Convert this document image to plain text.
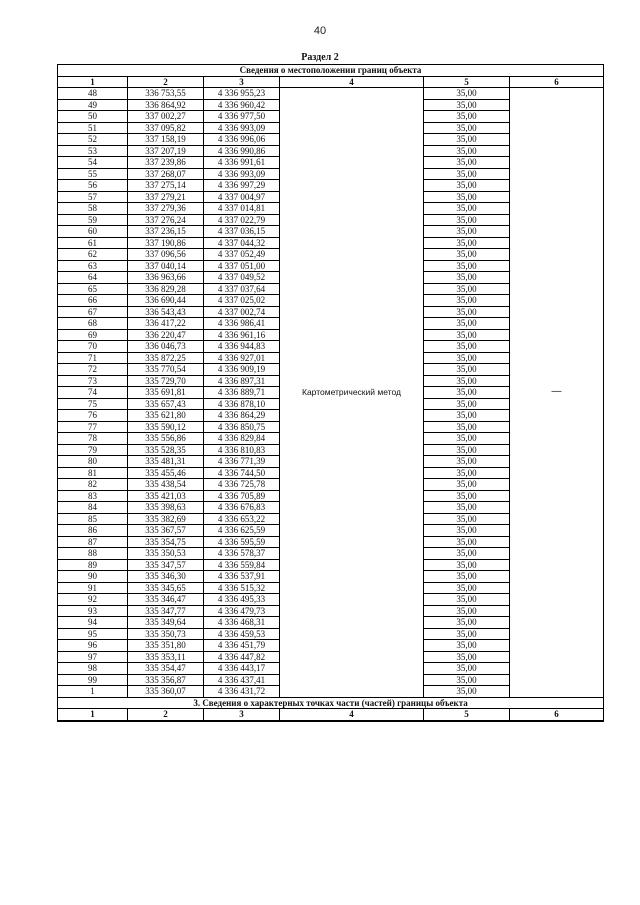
40
Раздел 2
Сведения о местоположении границ объекта					
1	2	3	4	5	6
48	336 753,55	4 336 955,23	Картометрический метод	35,00	—
49	336 864,92	4 336 960,42		35,00	
50	337 002,27	4 336 977,50		35,00	
51	337 095,82	4 336 993,09		35,00	
52	337 158,19	4 336 996,06		35,00	
53	337 207,19	4 336 990,86		35,00	
54	337 239,86	4 336 991,61		35,00	
55	337 268,07	4 336 993,09		35,00	
56	337 275,14	4 336 997,29		35,00	
57	337 279,21	4 337 004,97		35,00	
58	337 279,36	4 337 014,81		35,00	
59	337 276,24	4 337 022,79		35,00	
60	337 236,15	4 337 036,15		35,00	
61	337 190,86	4 337 044,32		35,00	
62	337 096,56	4 337 052,49		35,00	
63	337 040,14	4 337 051,00		35,00	
64	336 963,66	4 337 049,52		35,00	
65	336 829,28	4 337 037,64		35,00	
66	336 690,44	4 337 025,02		35,00	
67	336 543,43	4 337 002,74		35,00	
68	336 417,22	4 336 986,41		35,00	
69	336 220,47	4 336 961,16		35,00	
70	336 046,73	4 336 944,83		35,00	
71	335 872,25	4 336 927,01		35,00	
72	335 770,54	4 336 909,19		35,00	
73	335 729,70	4 336 897,31		35,00	
74	335 691,81	4 336 889,71		35,00	
75	335 657,43	4 336 878,10		35,00	
76	335 621,80	4 336 864,29		35,00	
77	335 590,12	4 336 850,75		35,00	
78	335 556,86	4 336 829,84		35,00	
79	335 528,35	4 336 810,83		35,00	
80	335 481,31	4 336 771,39		35,00	
81	335 455,46	4 336 744,50		35,00	
82	335 438,54	4 336 725,78		35,00	
83	335 421,03	4 336 705,89		35,00	
84	335 398,63	4 336 676,83		35,00	
85	335 382,69	4 336 653,22		35,00	
86	335 367,57	4 336 625,59		35,00	
87	335 354,75	4 336 595,59		35,00	
88	335 350,53	4 336 578,37		35,00	
89	335 347,57	4 336 559,84		35,00	
90	335 346,30	4 336 537,91		35,00	
91	335 345,65	4 336 515,32		35,00	
92	335 346,47	4 336 495,33		35,00	
93	335 347,77	4 336 479,73		35,00	
94	335 349,64	4 336 468,31		35,00	
95	335 350,73	4 336 459,53		35,00	
96	335 351,80	4 336 451,79		35,00	
97	335 353,11	4 336 447,82		35,00	
98	335 354,47	4 336 443,17		35,00	
99	335 356,87	4 336 437,41		35,00	
1	335 360,07	4 336 431,72		35,00	
3. Сведения о характерных точках части (частей) границы объекта					
1	2	3	4	5	6
